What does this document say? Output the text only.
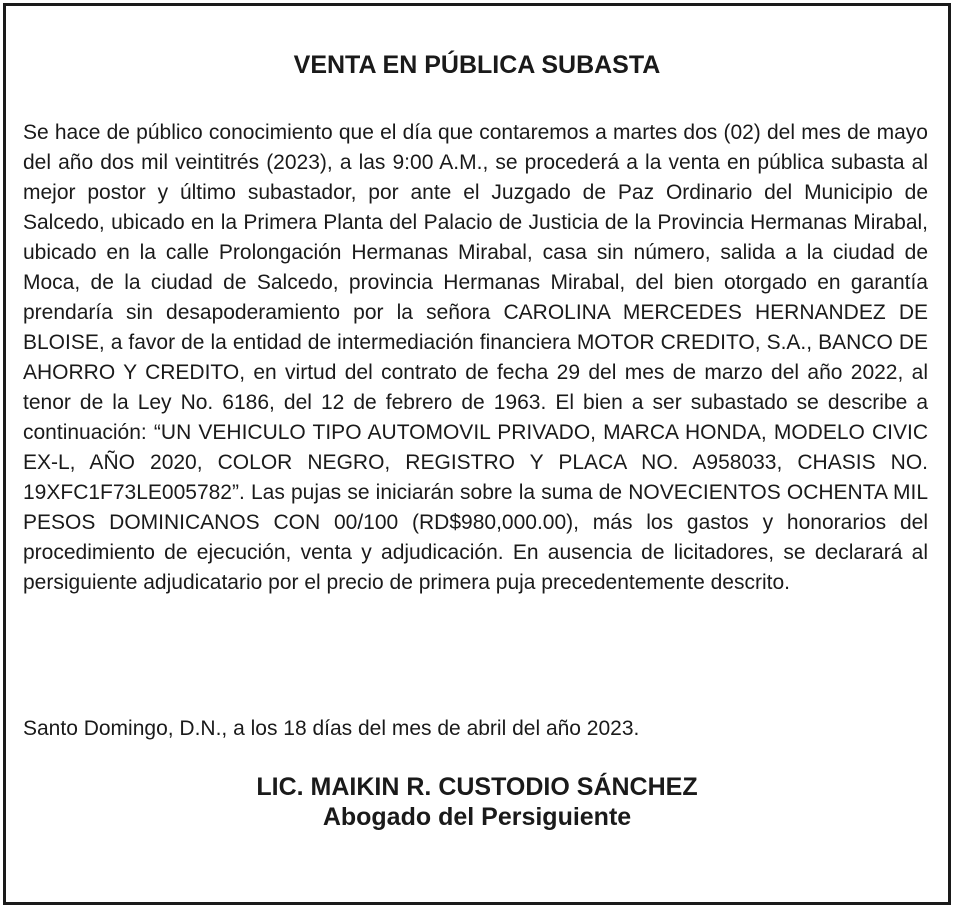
VENTA EN PÚBLICA SUBASTA

Se hace de público conocimiento que el día que contaremos a martes dos (02) del mes de mayo del año dos mil veintitrés (2023), a las 9:00 A.M., se procederá a la venta en pública subasta al mejor postor y último subastador, por ante el Juzgado de Paz Ordinario del Municipio de Salcedo, ubicado en la Primera Planta del Palacio de Justicia de la Provincia Hermanas Mirabal, ubicado en la calle Prolongación Hermanas Mirabal, casa sin número, salida a la ciudad de Moca, de la ciudad de Salcedo, provincia Hermanas Mirabal, del bien otorgado en garantía prendaría sin desapoderamiento por la señora CAROLINA MERCEDES HERNANDEZ DE BLOISE, a favor de la entidad de intermediación financiera MOTOR CREDITO, S.A., BANCO DE AHORRO Y CREDITO, en virtud del contrato de fecha 29 del mes de marzo del año 2022, al tenor de la Ley No. 6186, del 12 de febrero de 1963. El bien a ser subastado se describe a continuación: “UN VEHICULO TIPO AUTOMOVIL PRIVADO, MARCA HONDA, MODELO CIVIC EX-L, AÑO 2020, COLOR NEGRO, REGISTRO Y PLACA NO. A958033, CHASIS NO. 19XFC1F73LE005782”. Las pujas se iniciarán sobre la suma de NOVECIENTOS OCHENTA MIL PESOS DOMINICANOS CON 00/100 (RD$980,000.00), más los gastos y honorarios del procedimiento de ejecución, venta y adjudicación. En ausencia de licitadores, se declarará al persiguiente adjudicatario por el precio de primera puja precedentemente descrito.

Santo Domingo, D.N., a los 18 días del mes de abril del año 2023.

LIC. MAIKIN R. CUSTODIO SÁNCHEZ

Abogado del Persiguiente
